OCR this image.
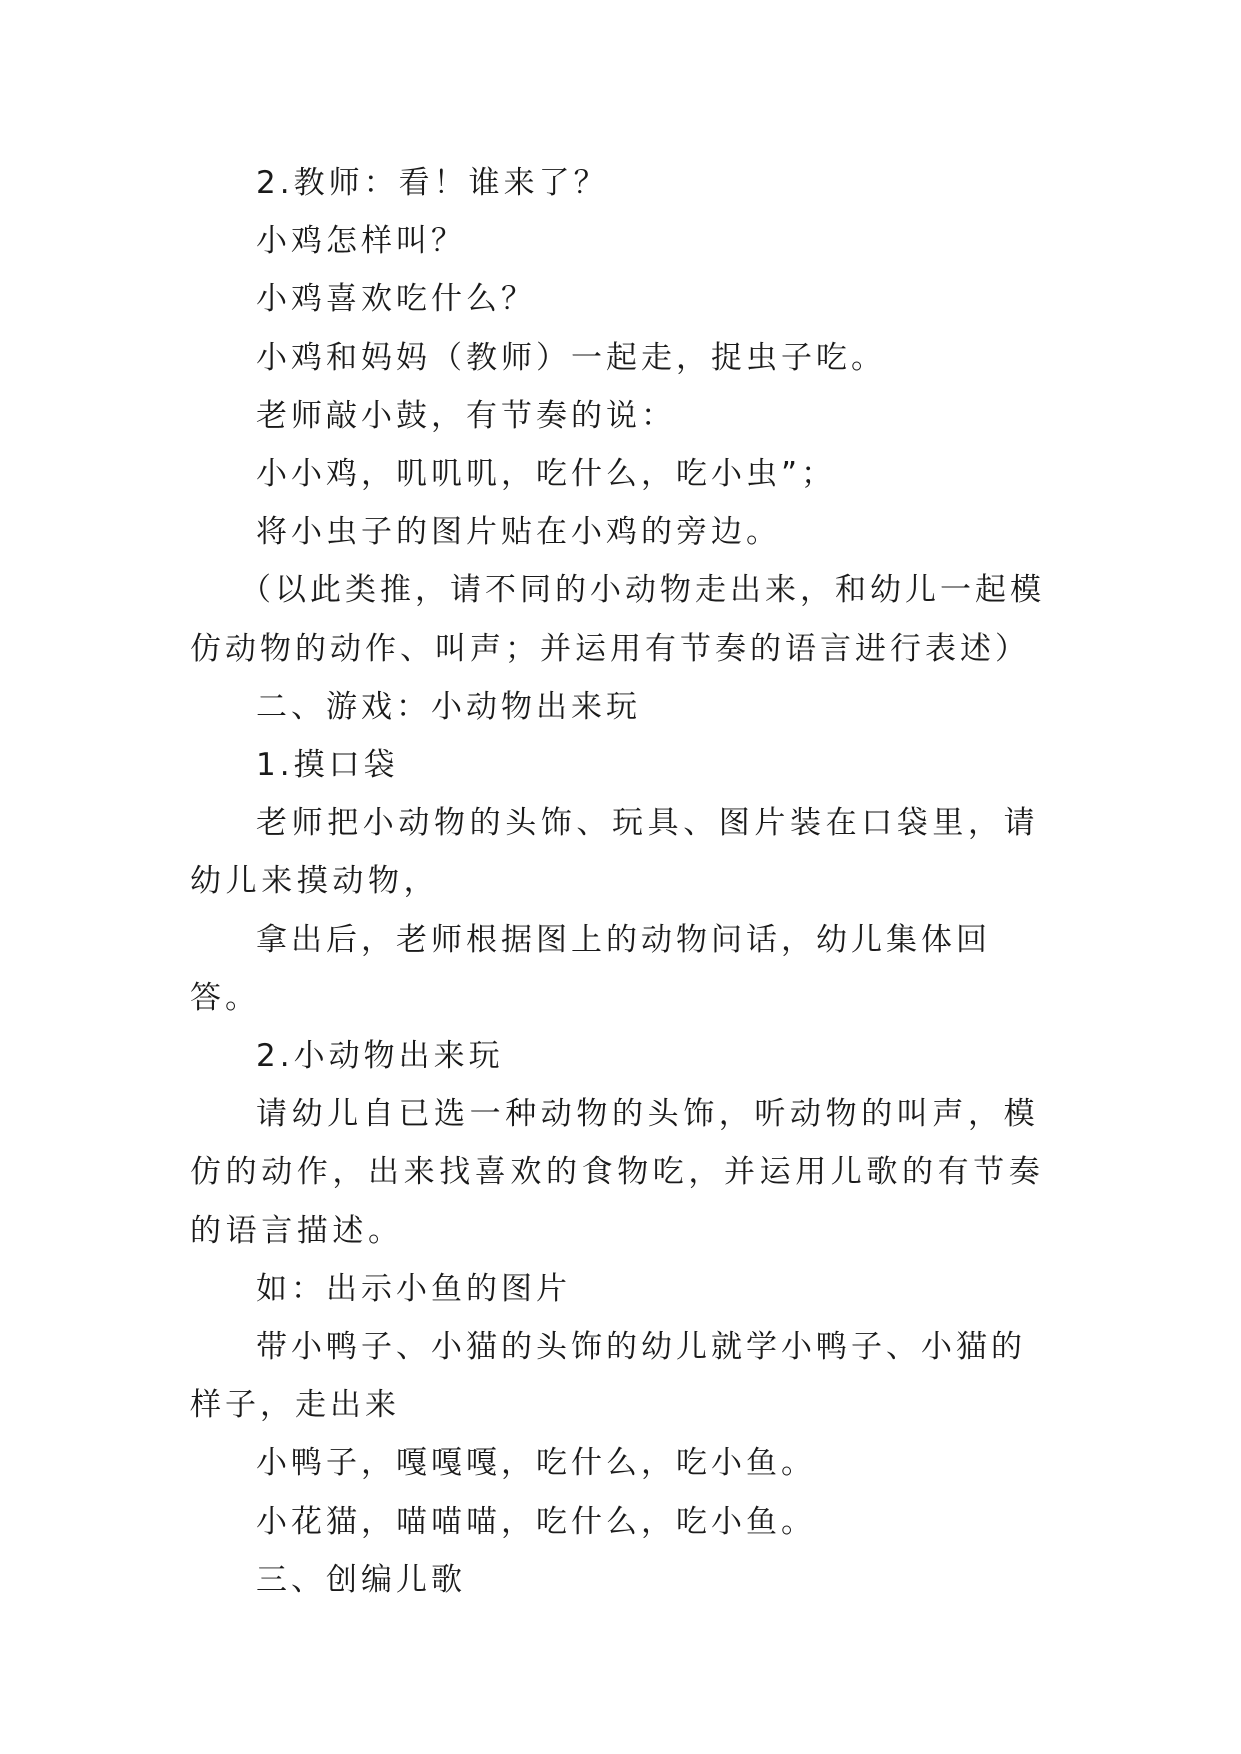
2.教师：看！谁来了？

小鸡怎样叫？

小鸡喜欢吃什么？

小鸡和妈妈（教师）一起走，捉虫子吃。

老师敲小鼓，有节奏的说：

小小鸡，叽叽叽，吃什么，吃小虫”；

将小虫子的图片贴在小鸡的旁边。

（以此类推，请不同的小动物走出来，和幼儿一起模仿动物的动作、叫声；并运用有节奏的语言进行表述）

二、游戏：小动物出来玩

1.摸口袋

老师把小动物的头饰、玩具、图片装在口袋里，请幼儿来摸动物，

拿出后，老师根据图上的动物问话，幼儿集体回答。

2.小动物出来玩

请幼儿自已选一种动物的头饰，听动物的叫声，模仿的动作，出来找喜欢的食物吃，并运用儿歌的有节奏的语言描述。

如：出示小鱼的图片

带小鸭子、小猫的头饰的幼儿就学小鸭子、小猫的样子，走出来

小鸭子，嘎嘎嘎，吃什么，吃小鱼。

小花猫，喵喵喵，吃什么，吃小鱼。

三、创编儿歌
